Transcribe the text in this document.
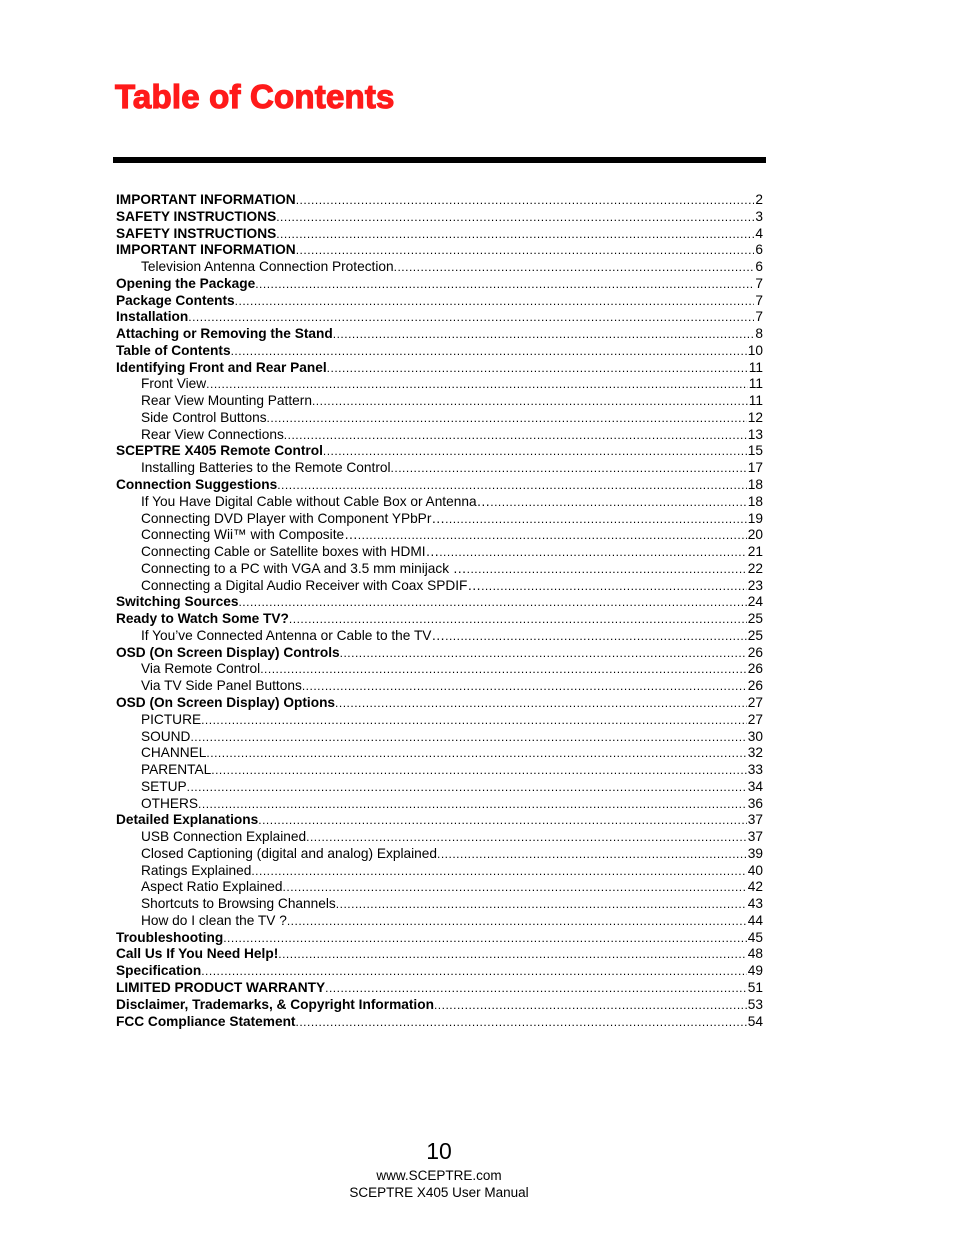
Table of Contents
IMPORTANT INFORMATION .....	2
SAFETY INSTRUCTIONS .....	3
SAFETY INSTRUCTIONS .....	4
IMPORTANT INFORMATION .....	6
Television Antenna Connection Protection .....	6
Opening the Package .....	7
Package Contents .....	7
Installation .....	7
Attaching or Removing the Stand .....	8
Table of Contents .....	10
Identifying Front and Rear Panel .....	11
Front View .....	11
Rear View Mounting Pattern .....	11
Side Control Buttons .....	12
Rear View Connections .....	13
SCEPTRE X405 Remote Control .....	15
Installing Batteries to the Remote Control .....	17
Connection Suggestions .....	18
If You Have Digital Cable without Cable Box or Antenna… .....	18
Connecting DVD Player with Component YPbPr… .....	19
Connecting Wii™ with Composite… .....	20
Connecting Cable or Satellite boxes with HDMI… .....	21
Connecting to a PC with VGA and 3.5 mm minijack … .....	22
Connecting a Digital Audio Receiver with Coax SPDIF… .....	23
Switching Sources .....	24
Ready to Watch Some TV? .....	25
If You’ve Connected Antenna or Cable to the TV… .....	25
OSD (On Screen Display) Controls .....	26
Via Remote Control .....	26
Via TV Side Panel Buttons .....	26
OSD (On Screen Display) Options .....	27
PICTURE .....	27
SOUND .....	30
CHANNEL .....	32
PARENTAL .....	33
SETUP .....	34
OTHERS .....	36
Detailed Explanations .....	37
USB Connection Explained .....	37
Closed Captioning (digital and analog) Explained .....	39
Ratings Explained .....	40
Aspect Ratio Explained .....	42
Shortcuts to Browsing Channels .....	43
How do I clean the TV ? .....	44
Troubleshooting .....	45
Call Us If You Need Help! .....	48
Specification .....	49
LIMITED PRODUCT WARRANTY .....	51
Disclaimer, Trademarks, & Copyright Information .....	53
FCC Compliance Statement .....	54
10
www.SCEPTRE.com
SCEPTRE X405 User Manual
